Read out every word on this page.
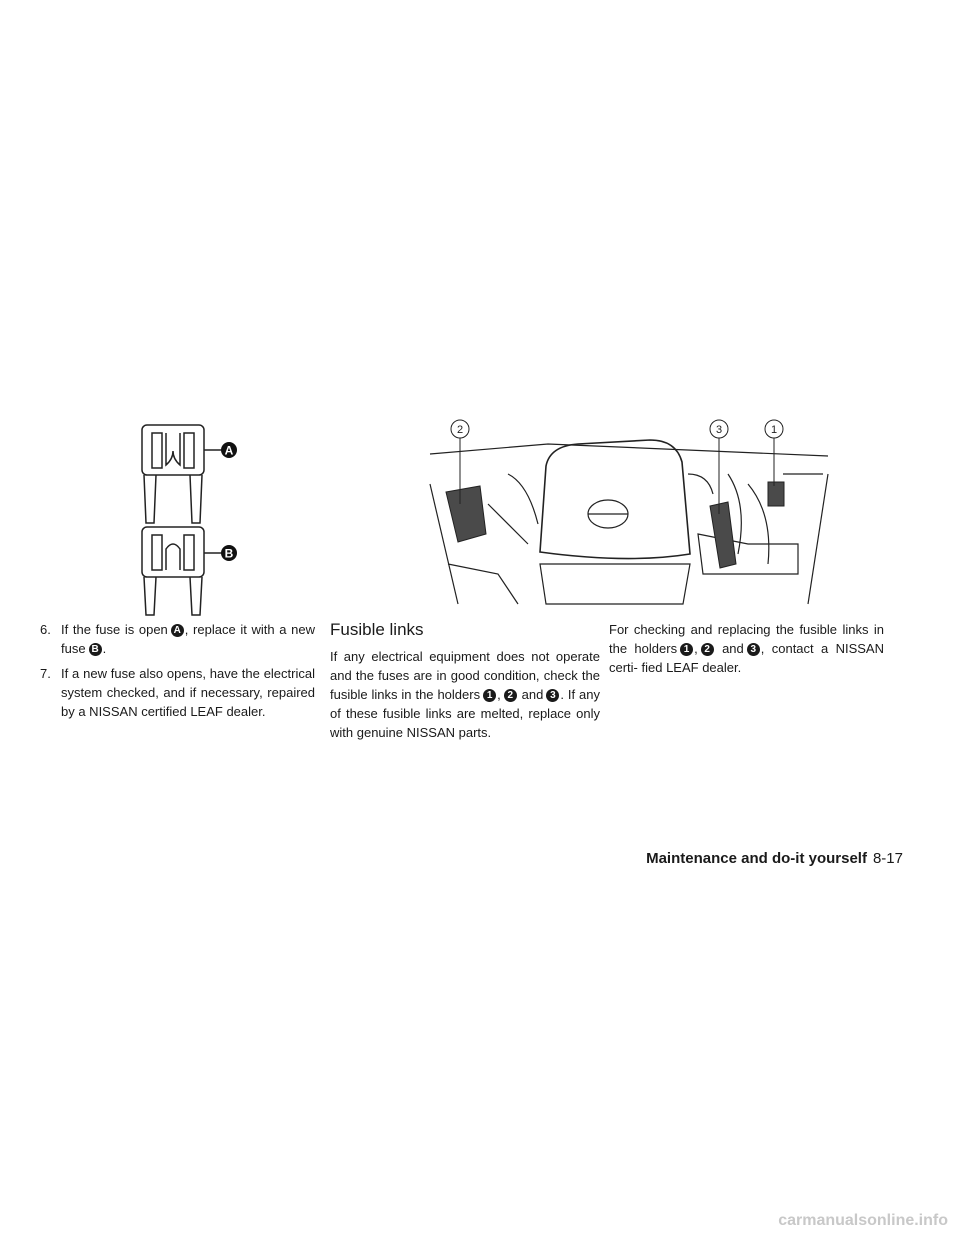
A
B
2	3	1
6. If the fuse is open A , replace it with a new fuse B .
7. If a new fuse also opens, have the electrical system checked, and if necessary, repaired by a NISSAN certified LEAF dealer.
Fusible links

If any electrical equipment does not operate and the fuses are in good condition, check the fusible links in the holders 1 , 2 and 3 . If any of these fusible links are melted, replace only with genuine NISSAN parts.

For checking and replacing the fusible links in the holders 1 , 2 and 3 , contact a NISSAN certi- fied LEAF dealer.

Maintenance and do-it yourself 8-17
carmanualsonline.info
